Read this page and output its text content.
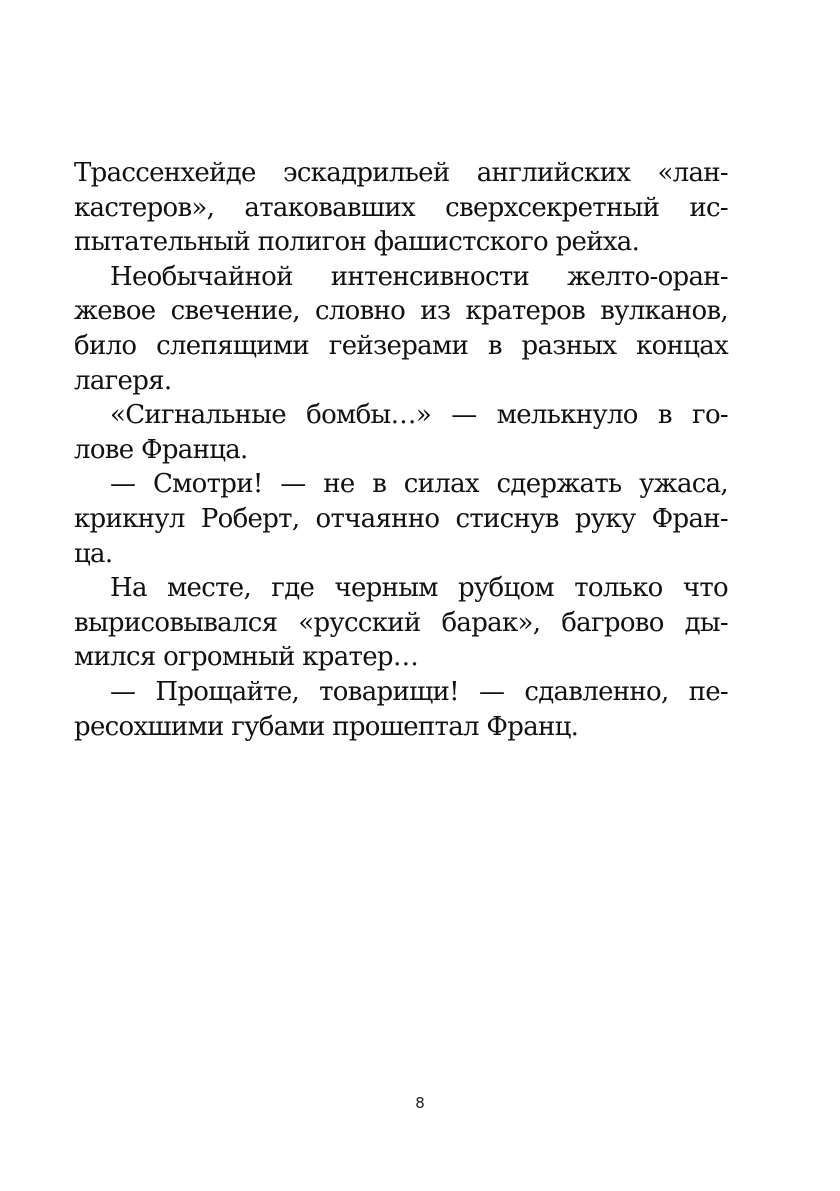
Трассенхейде эскадрильей английских «лан-
кастеров», атаковавших сверхсекретный ис-
пытательный полигон фашистского рейха.
Необычайной интенсивности желто-оран-
жевое свечение, словно из кратеров вулканов,
било слепящими гейзерами в разных концах
лагеря.
«Сигнальные бомбы…» — мелькнуло в го-
лове Франца.
— Смотри! — не в силах сдержать ужаса,
крикнул Роберт, отчаянно стиснув руку Фран-
ца.
На месте, где черным рубцом только что
вырисовывался «русский барак», багрово ды-
мился огромный кратер…
— Прощайте, товарищи! — сдавленно, пе-
ресохшими губами прошептал Франц.
8
